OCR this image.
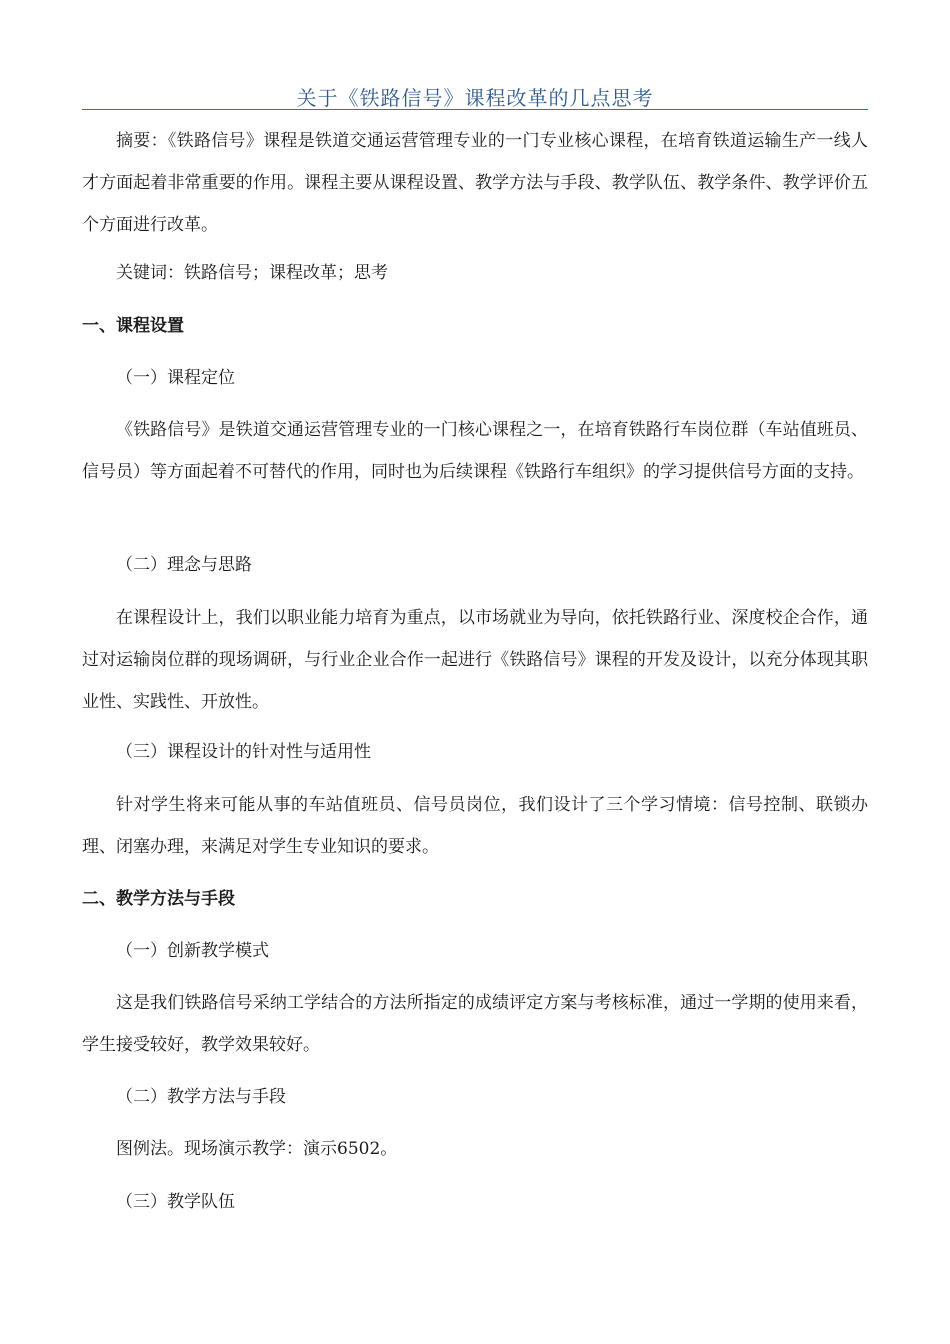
关于《铁路信号》课程改革的几点思考

摘要：《铁路信号》课程是铁道交通运营管理专业的一门专业核心课程，在培育铁道运输生产一线人才方面起着非常重要的作用。课程主要从课程设置、教学方法与手段、教学队伍、教学条件、教学评价五个方面进行改革。

关键词：铁路信号；课程改革；思考

一、课程设置

（一）课程定位

《铁路信号》是铁道交通运营管理专业的一门核心课程之一，在培育铁路行车岗位群（车站值班员、信号员）等方面起着不可替代的作用，同时也为后续课程《铁路行车组织》的学习提供信号方面的支持。

（二）理念与思路

在课程设计上，我们以职业能力培育为重点，以市场就业为导向，依托铁路行业、深度校企合作，通过对运输岗位群的现场调研，与行业企业合作一起进行《铁路信号》课程的开发及设计，以充分体现其职业性、实践性、开放性。

（三）课程设计的针对性与适用性

针对学生将来可能从事的车站值班员、信号员岗位，我们设计了三个学习情境：信号控制、联锁办理、闭塞办理，来满足对学生专业知识的要求。

二、教学方法与手段

（一）创新教学模式

这是我们铁路信号采纳工学结合的方法所指定的成绩评定方案与考核标准，通过一学期的使用来看，学生接受较好，教学效果较好。

（二）教学方法与手段

图例法。现场演示教学：演示6502。

（三）教学队伍
